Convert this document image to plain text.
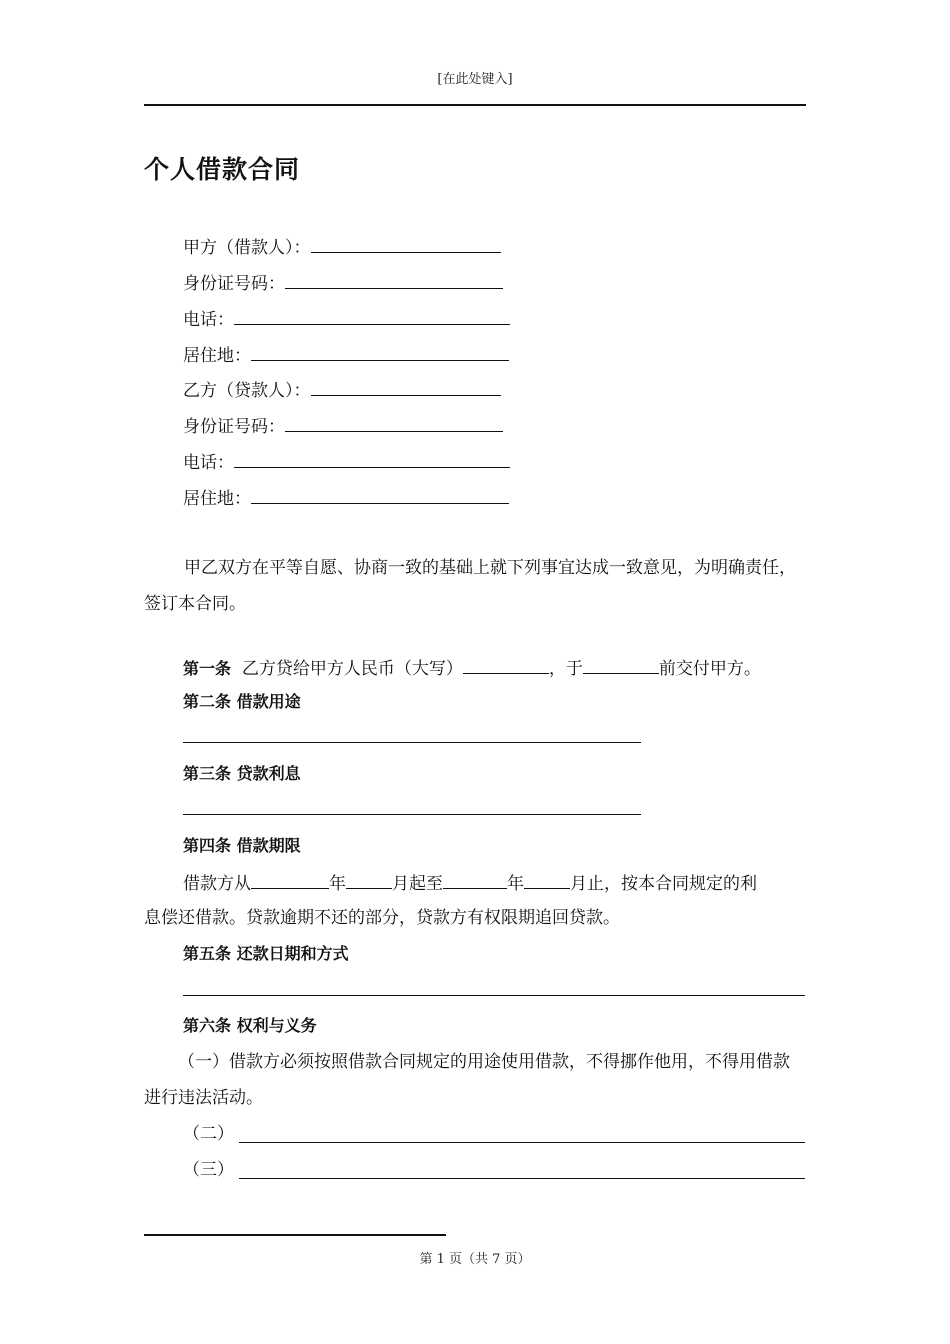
[在此处键入]
个人借款合同
甲方（借款人）：
身份证号码：
电话：
居住地：
乙方（贷款人）：
身份证号码：
电话：
居住地：
甲乙双方在平等自愿、协商一致的基础上就下列事宜达成一致意见，为明确责任，签订本合同。
第一条 乙方贷给甲方人民币（大写）	，于	前交付甲方。
第二条 借款用途
第三条 贷款利息
第四条 借款期限
借款方从	年	月起至	年	月止，按本合同规定的利
息偿还借款。贷款逾期不还的部分，贷款方有权限期追回贷款。
第五条 还款日期和方式
第六条 权利与义务
（一）借款方必须按照借款合同规定的用途使用借款，不得挪作他用，不得用借款进行违法活动。
（二）
（三）
第 1 页（共 7 页）
